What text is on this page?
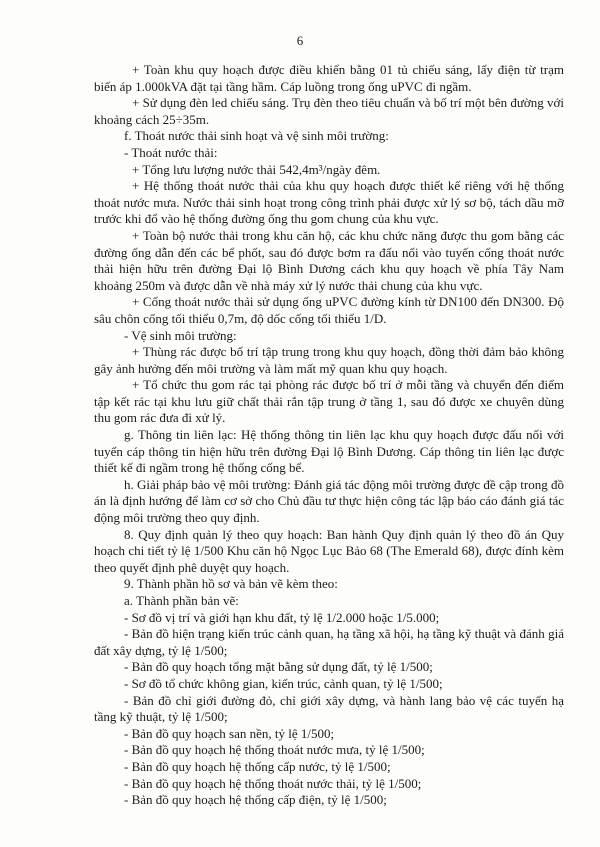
6

+ Toàn khu quy hoạch được điều khiển bằng 01 tủ chiếu sáng, lấy điện từ trạm biến áp 1.000kVA đặt tại tầng hầm. Cáp luồng trong ống uPVC đi ngầm.

+ Sử dụng đèn led chiếu sáng. Trụ đèn theo tiêu chuẩn và bố trí một bên đường với khoảng cách 25÷35m.

f. Thoát nước thải sinh hoạt và vệ sinh môi trường:

- Thoát nước thải:

+ Tổng lưu lượng nước thải 542,4m³/ngày đêm.

+ Hệ thống thoát nước thải của khu quy hoạch được thiết kế riêng với hệ thống thoát nước mưa. Nước thải sinh hoạt trong công trình phải được xử lý sơ bộ, tách dầu mỡ trước khi đổ vào hệ thống đường ống thu gom chung của khu vực.

+ Toàn bộ nước thải trong khu căn hộ, các khu chức năng được thu gom bằng các đường ống dẫn đến các bể phốt, sau đó được bơm ra đấu nối vào tuyến cống thoát nước thải hiện hữu trên đường Đại lộ Bình Dương cách khu quy hoạch về phía Tây Nam khoảng 250m và được dẫn về nhà máy xử lý nước thải chung của khu vực.

+ Cống thoát nước thải sử dụng ống uPVC đường kính từ DN100 đến DN300. Độ sâu chôn cống tối thiểu 0,7m, độ dốc cống tối thiểu 1/D.

- Vệ sinh môi trường:

+ Thùng rác được bố trí tập trung trong khu quy hoạch, đồng thời đảm bảo không gây ảnh hưởng đến môi trường và làm mất mỹ quan khu quy hoạch.

+ Tổ chức thu gom rác tại phòng rác được bố trí ở mỗi tầng và chuyển đến điểm tập kết rác tại khu lưu giữ chất thải rắn tập trung ở tầng 1, sau đó được xe chuyên dùng thu gom rác đưa đi xử lý.

g. Thông tin liên lạc: Hệ thống thông tin liên lạc khu quy hoạch được đấu nối với tuyến cáp thông tin hiện hữu trên đường Đại lộ Bình Dương. Cáp thông tin liên lạc được thiết kế đi ngầm trong hệ thống cống bể.

h. Giải pháp bảo vệ môi trường: Đánh giá tác động môi trường được đề cập trong đồ án là định hướng để làm cơ sở cho Chủ đầu tư thực hiện công tác lập báo cáo đánh giá tác động môi trường theo quy định.

8. Quy định quản lý theo quy hoạch: Ban hành Quy định quản lý theo đồ án Quy hoạch chi tiết tỷ lệ 1/500 Khu căn hộ Ngọc Lục Bảo 68 (The Emerald 68), được đính kèm theo quyết định phê duyệt quy hoạch.

9. Thành phần hồ sơ và bản vẽ kèm theo:

a. Thành phần bản vẽ:

- Sơ đồ vị trí và giới hạn khu đất, tỷ lệ 1/2.000 hoặc 1/5.000;

- Bản đồ hiện trạng kiến trúc cảnh quan, hạ tầng xã hội, hạ tầng kỹ thuật và đánh giá đất xây dựng, tỷ lệ 1/500;

- Bản đồ quy hoạch tổng mặt bằng sử dụng đất, tỷ lệ 1/500;

- Sơ đồ tổ chức không gian, kiến trúc, cảnh quan, tỷ lệ 1/500;

- Bản đồ chỉ giới đường đỏ, chỉ giới xây dựng, và hành lang bảo vệ các tuyến hạ tầng kỹ thuật, tỷ lệ 1/500;

- Bản đồ quy hoạch san nền, tỷ lệ 1/500;

- Bản đồ quy hoạch hệ thống thoát nước mưa, tỷ lệ 1/500;

- Bản đồ quy hoạch hệ thống cấp nước, tỷ lệ 1/500;

- Bản đồ quy hoạch hệ thống thoát nước thải, tỷ lệ 1/500;

- Bản đồ quy hoạch hệ thống cấp điện, tỷ lệ 1/500;
